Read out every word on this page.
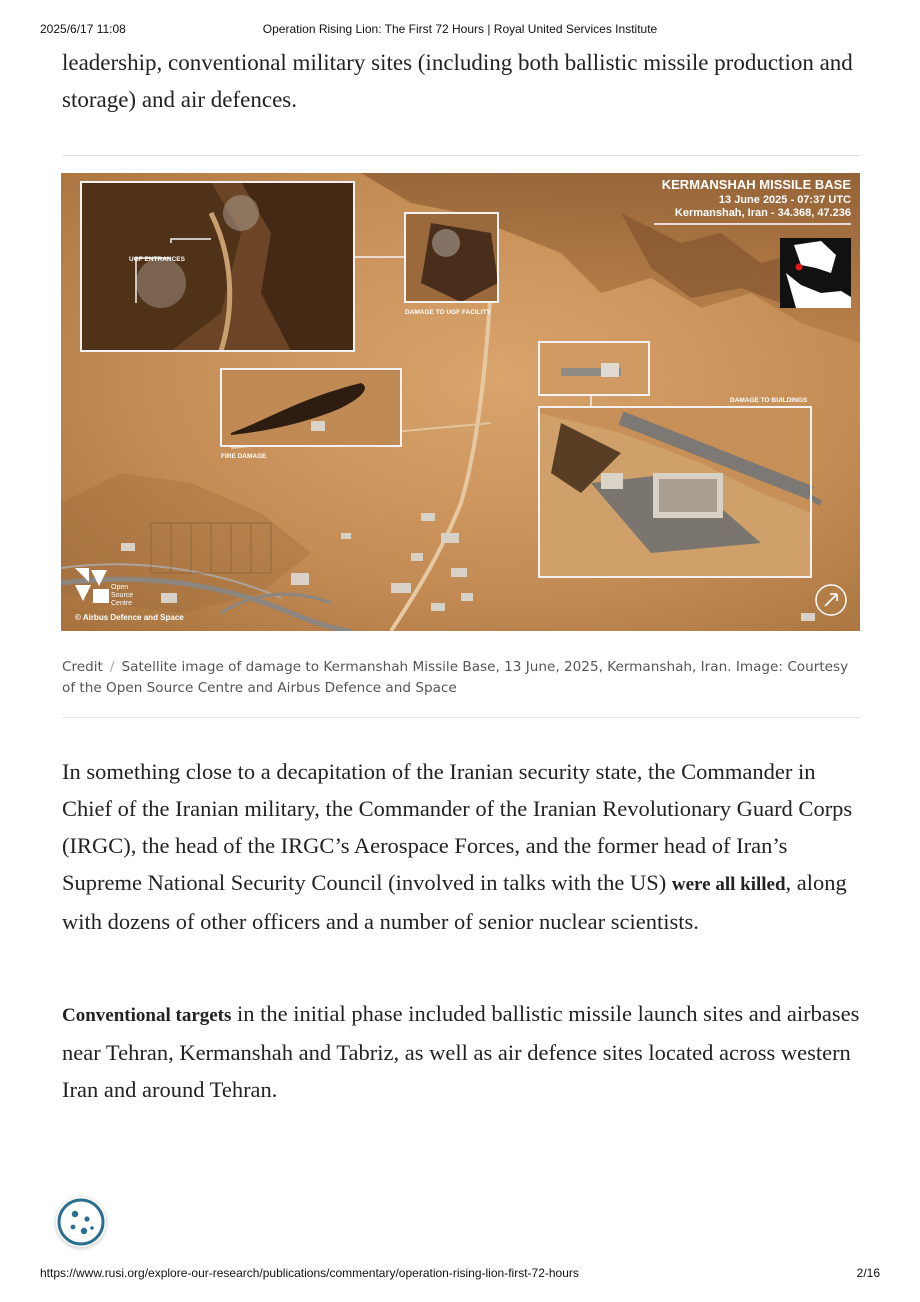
2025/6/17 11:08	Operation Rising Lion: The First 72 Hours | Royal United Services Institute

leadership, conventional military sites (including both ballistic missile production and storage) and air defences.

KERMANSHAH MISSILE BASE
13 June 2025 - 07:37 UTC
Kermanshah, Iran - 34.368, 47.236
UGF ENTRANCES
DAMAGE TO UGF FACILITY
DAMAGE TO BUILDINGS
FIRE DAMAGE
Open
Source
Centre
© Airbus Defence and Space

Credit / Satellite image of damage to Kermanshah Missile Base, 13 June, 2025, Kermanshah, Iran. Image: Courtesy of the Open Source Centre and Airbus Defence and Space

In something close to a decapitation of the Iranian security state, the Commander in Chief of the Iranian military, the Commander of the Iranian Revolutionary Guard Corps (IRGC), the head of the IRGC’s Aerospace Forces, and the former head of Iran’s Supreme National Security Council (involved in talks with the US) were all killed, along with dozens of other officers and a number of senior nuclear scientists.

Conventional targets in the initial phase included ballistic missile launch sites and airbases near Tehran, Kermanshah and Tabriz, as well as air defence sites located across western Iran and around Tehran.

https://www.rusi.org/explore-our-research/publications/commentary/operation-rising-lion-first-72-hours	2/16
